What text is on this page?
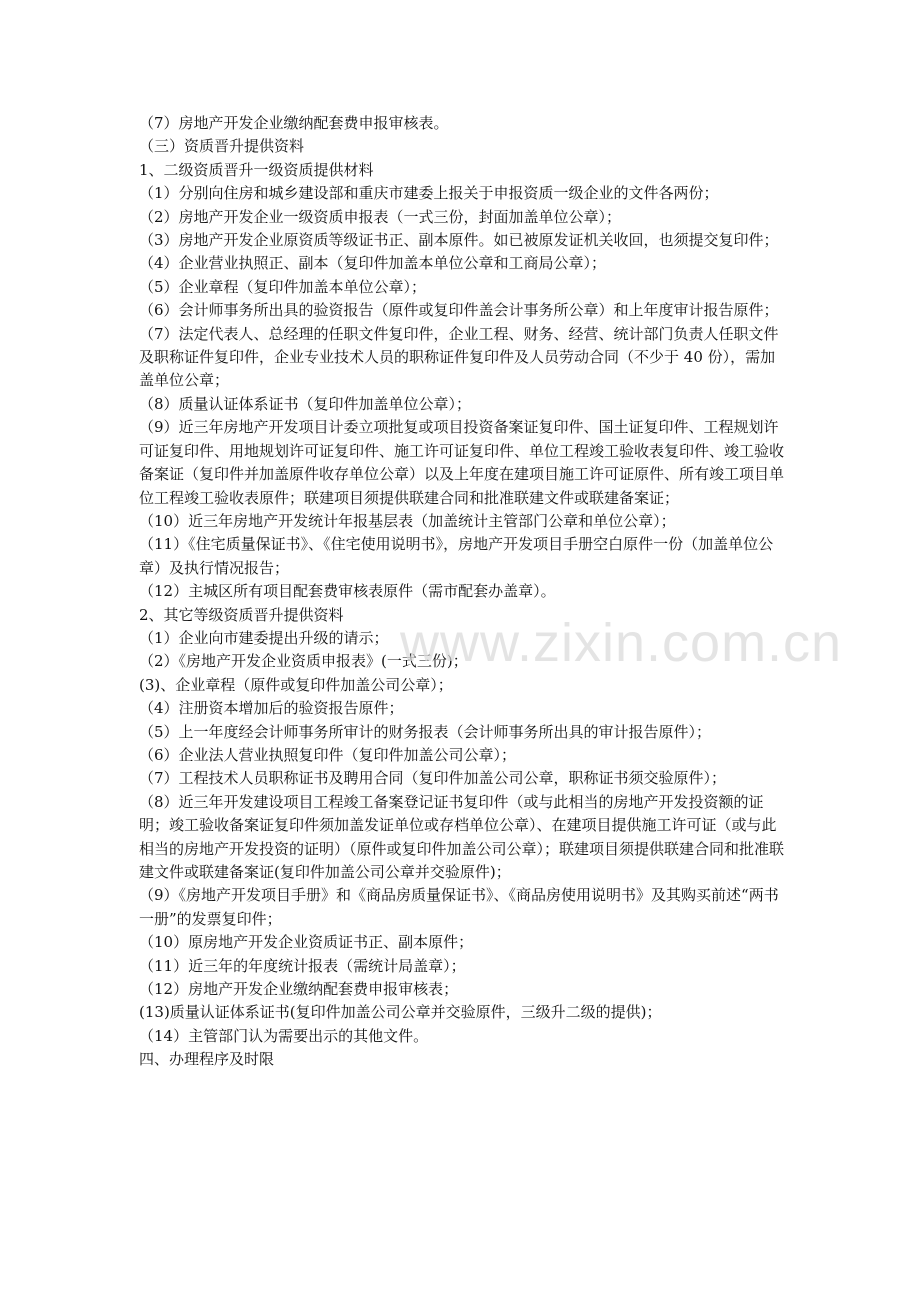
（7）房地产开发企业缴纳配套费申报审核表。

（三）资质晋升提供资料

1、二级资质晋升一级资质提供材料

（1）分别向住房和城乡建设部和重庆市建委上报关于申报资质一级企业的文件各两份；

（2）房地产开发企业一级资质申报表（一式三份，封面加盖单位公章）；

（3）房地产开发企业原资质等级证书正、副本原件。如已被原发证机关收回，也须提交复印件；

（4）企业营业执照正、副本（复印件加盖本单位公章和工商局公章）；

（5）企业章程（复印件加盖本单位公章）；

（6）会计师事务所出具的验资报告（原件或复印件盖会计事务所公章）和上年度审计报告原件；

（7）法定代表人、总经理的任职文件复印件，企业工程、财务、经营、统计部门负责人任职文件及职称证件复印件，企业专业技术人员的职称证件复印件及人员劳动合同（不少于 40 份），需加盖单位公章；

（8）质量认证体系证书（复印件加盖单位公章）；

（9）近三年房地产开发项目计委立项批复或项目投资备案证复印件、国土证复印件、工程规划许可证复印件、用地规划许可证复印件、施工许可证复印件、单位工程竣工验收表复印件、竣工验收备案证（复印件并加盖原件收存单位公章）以及上年度在建项目施工许可证原件、所有竣工项目单位工程竣工验收表原件；联建项目须提供联建合同和批准联建文件或联建备案证；

（10）近三年房地产开发统计年报基层表（加盖统计主管部门公章和单位公章）；

（11）《住宅质量保证书》、《住宅使用说明书》，房地产开发项目手册空白原件一份（加盖单位公章）及执行情况报告；

（12）主城区所有项目配套费审核表原件（需市配套办盖章）。

2、其它等级资质晋升提供资料

（1）企业向市建委提出升级的请示；

（2）《房地产开发企业资质申报表》(一式三份)；

(3)、企业章程（原件或复印件加盖公司公章）；

（4）注册资本增加后的验资报告原件；

（5）上一年度经会计师事务所审计的财务报表（会计师事务所出具的审计报告原件）；

（6）企业法人营业执照复印件（复印件加盖公司公章）；

（7）工程技术人员职称证书及聘用合同（复印件加盖公司公章，职称证书须交验原件）；

（8）近三年开发建设项目工程竣工备案登记证书复印件（或与此相当的房地产开发投资额的证明；竣工验收备案证复印件须加盖发证单位或存档单位公章）、在建项目提供施工许可证（或与此相当的房地产开发投资的证明）（原件或复印件加盖公司公章）；联建项目须提供联建合同和批准联建文件或联建备案证(复印件加盖公司公章并交验原件)；

（9）《房地产开发项目手册》和《商品房质量保证书》、《商品房使用说明书》及其购买前述“两书一册”的发票复印件；

（10）原房地产开发企业资质证书正、副本原件；

（11）近三年的年度统计报表（需统计局盖章）；

（12）房地产开发企业缴纳配套费申报审核表；

(13)质量认证体系证书(复印件加盖公司公章并交验原件，三级升二级的提供)；

（14）主管部门认为需要出示的其他文件。

四、办理程序及时限

www.zixin.com.cn
